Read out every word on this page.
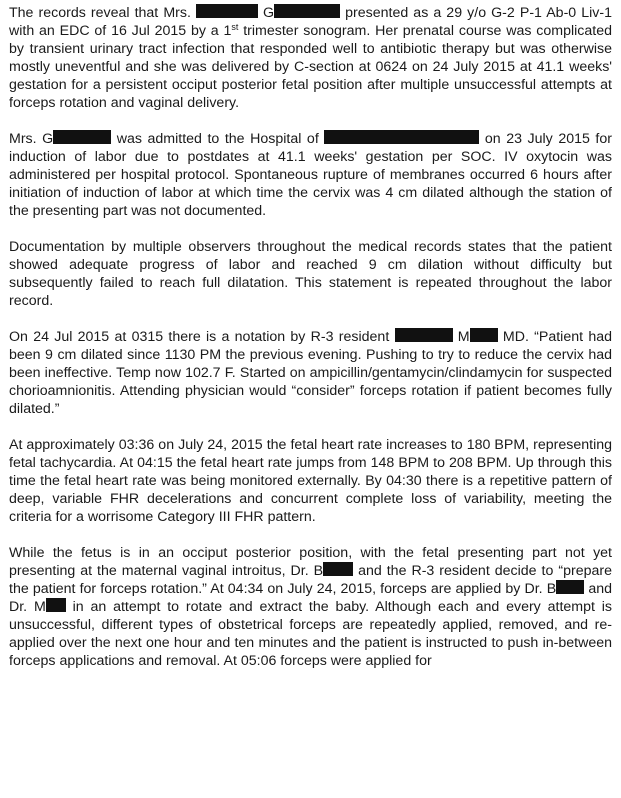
The records reveal that Mrs.	G	presented as a 29 y/o G-2 P-1 Ab-0 Liv-1 with an EDC of 16 Jul 2015 by a 1st trimester sonogram. Her prenatal course was complicated by transient urinary tract infection that responded well to antibiotic therapy but was otherwise mostly uneventful and she was delivered by C-section at 0624 on 24 July 2015 at 41.1 weeks' gestation for a persistent occiput posterior fetal position after multiple unsuccessful attempts at forceps rotation and vaginal delivery.

Mrs. G	was admitted to the Hospital of	on 23 July 2015 for induction of labor due to postdates at 41.1 weeks' gestation per SOC. IV oxytocin was administered per hospital protocol. Spontaneous rupture of membranes occurred 6 hours after initiation of induction of labor at which time the cervix was 4 cm dilated although the station of the presenting part was not documented.

Documentation by multiple observers throughout the medical records states that the patient showed adequate progress of labor and reached 9 cm dilation without difficulty but subsequently failed to reach full dilatation. This statement is repeated throughout the labor record.

On 24 Jul 2015 at 0315 there is a notation by R-3 resident	M MD. “Patient had been 9 cm dilated since 1130 PM the previous evening. Pushing to try to reduce the cervix had been ineffective. Temp now 102.7 F. Started on ampicillin/gentamycin/clindamycin for suspected chorioamnionitis. Attending physician would “consider” forceps rotation if patient becomes fully dilated.”

At approximately 03:36 on July 24, 2015 the fetal heart rate increases to 180 BPM, representing fetal tachycardia. At 04:15 the fetal heart rate jumps from 148 BPM to 208 BPM. Up through this time the fetal heart rate was being monitored externally. By 04:30 there is a repetitive pattern of deep, variable FHR decelerations and concurrent complete loss of variability, meeting the criteria for a worrisome Category III FHR pattern.

While the fetus is in an occiput posterior position, with the fetal presenting part not yet presenting at the maternal vaginal introitus, Dr. B and the R-3 resident decide to “prepare the patient for forceps rotation.” At 04:34 on July 24, 2015, forceps are applied by Dr. B and Dr. M in an attempt to rotate and extract the baby. Although each and every attempt is unsuccessful, different types of obstetrical forceps are repeatedly applied, removed, and re-applied over the next one hour and ten minutes and the patient is instructed to push in-between forceps applications and removal. At 05:06 forceps were applied for
